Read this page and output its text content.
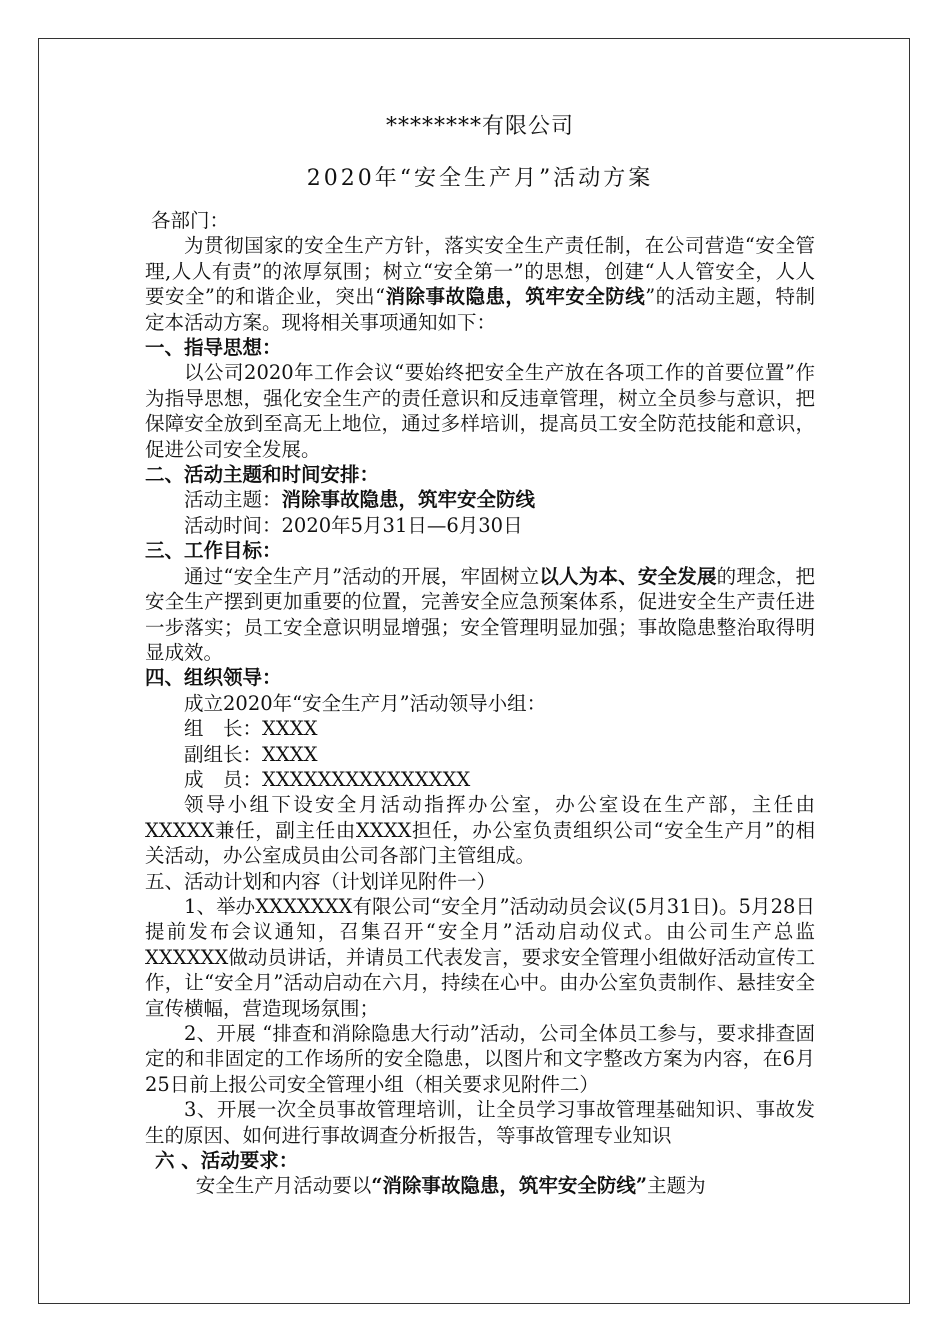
********有限公司

2020年“安全生产月”活动方案

各部门：

为贯彻国家的安全生产方针，落实安全生产责任制，在公司营造“安全管理,人人有责”的浓厚氛围；树立“安全第一”的思想，创建“人人管安全，人人要安全”的和谐企业，突出“消除事故隐患，筑牢安全防线”的活动主题，特制定本活动方案。现将相关事项通知如下：

一、指导思想：

以公司2020年工作会议“要始终把安全生产放在各项工作的首要位置”作为指导思想，强化安全生产的责任意识和反违章管理，树立全员参与意识，把保障安全放到至高无上地位，通过多样培训，提高员工安全防范技能和意识，促进公司安全发展。

二、活动主题和时间安排：

活动主题：消除事故隐患，筑牢安全防线

活动时间：2020年5月31日—6月30日

三、工作目标：

通过“安全生产月”活动的开展，牢固树立以人为本、安全发展的理念，把安全生产摆到更加重要的位置，完善安全应急预案体系，促进安全生产责任进一步落实；员工安全意识明显增强；安全管理明显加强；事故隐患整治取得明显成效。

四、组织领导：

成立2020年“安全生产月”活动领导小组：

组　长：XXXX

副组长：XXXX

成　员：XXXXXXXXXXXXXXX

领导小组下设安全月活动指挥办公室，办公室设在生产部，主任由XXXXX兼任，副主任由XXXX担任，办公室负责组织公司“安全生产月”的相关活动，办公室成员由公司各部门主管组成。

五、活动计划和内容（计划详见附件一）

1、举办XXXXXXX有限公司“安全月”活动动员会议(5月31日)。5月28日提前发布会议通知，召集召开“安全月”活动启动仪式。由公司生产总监XXXXXX做动员讲话，并请员工代表发言，要求安全管理小组做好活动宣传工作，让“安全月”活动启动在六月，持续在心中。由办公室负责制作、悬挂安全宣传横幅，营造现场氛围；

2、开展 “排查和消除隐患大行动”活动，公司全体员工参与，要求排查固定的和非固定的工作场所的安全隐患，以图片和文字整改方案为内容，在6月25日前上报公司安全管理小组（相关要求见附件二）

3、开展一次全员事故管理培训，让全员学习事故管理基础知识、事故发生的原因、如何进行事故调查分析报告，等事故管理专业知识

六 、活动要求：

安全生产月活动要以“消除事故隐患，筑牢安全防线”主题为
